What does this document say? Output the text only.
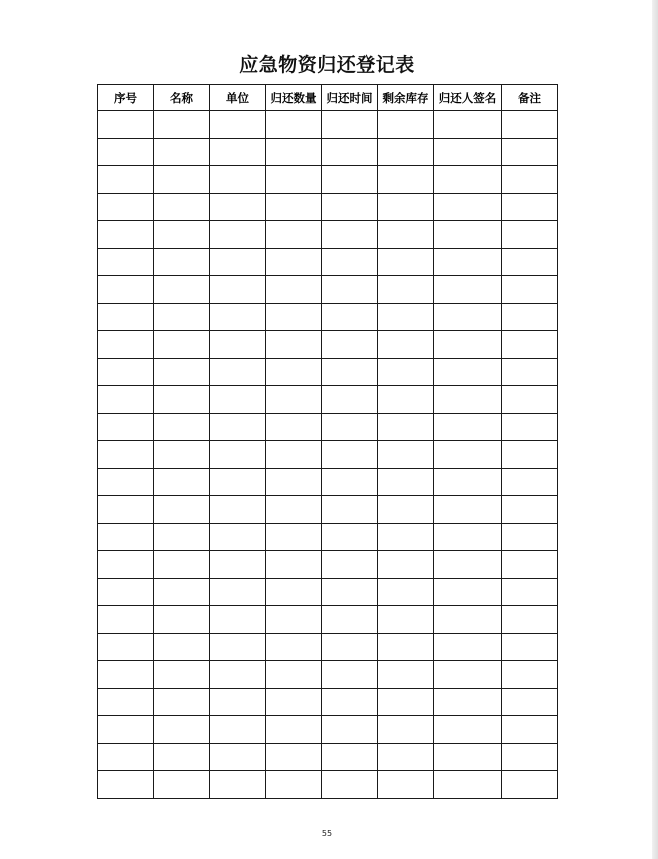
应急物资归还登记表
序号	名称	单位	归还数量	归还时间	剩余库存	归还人签名	备注

55
